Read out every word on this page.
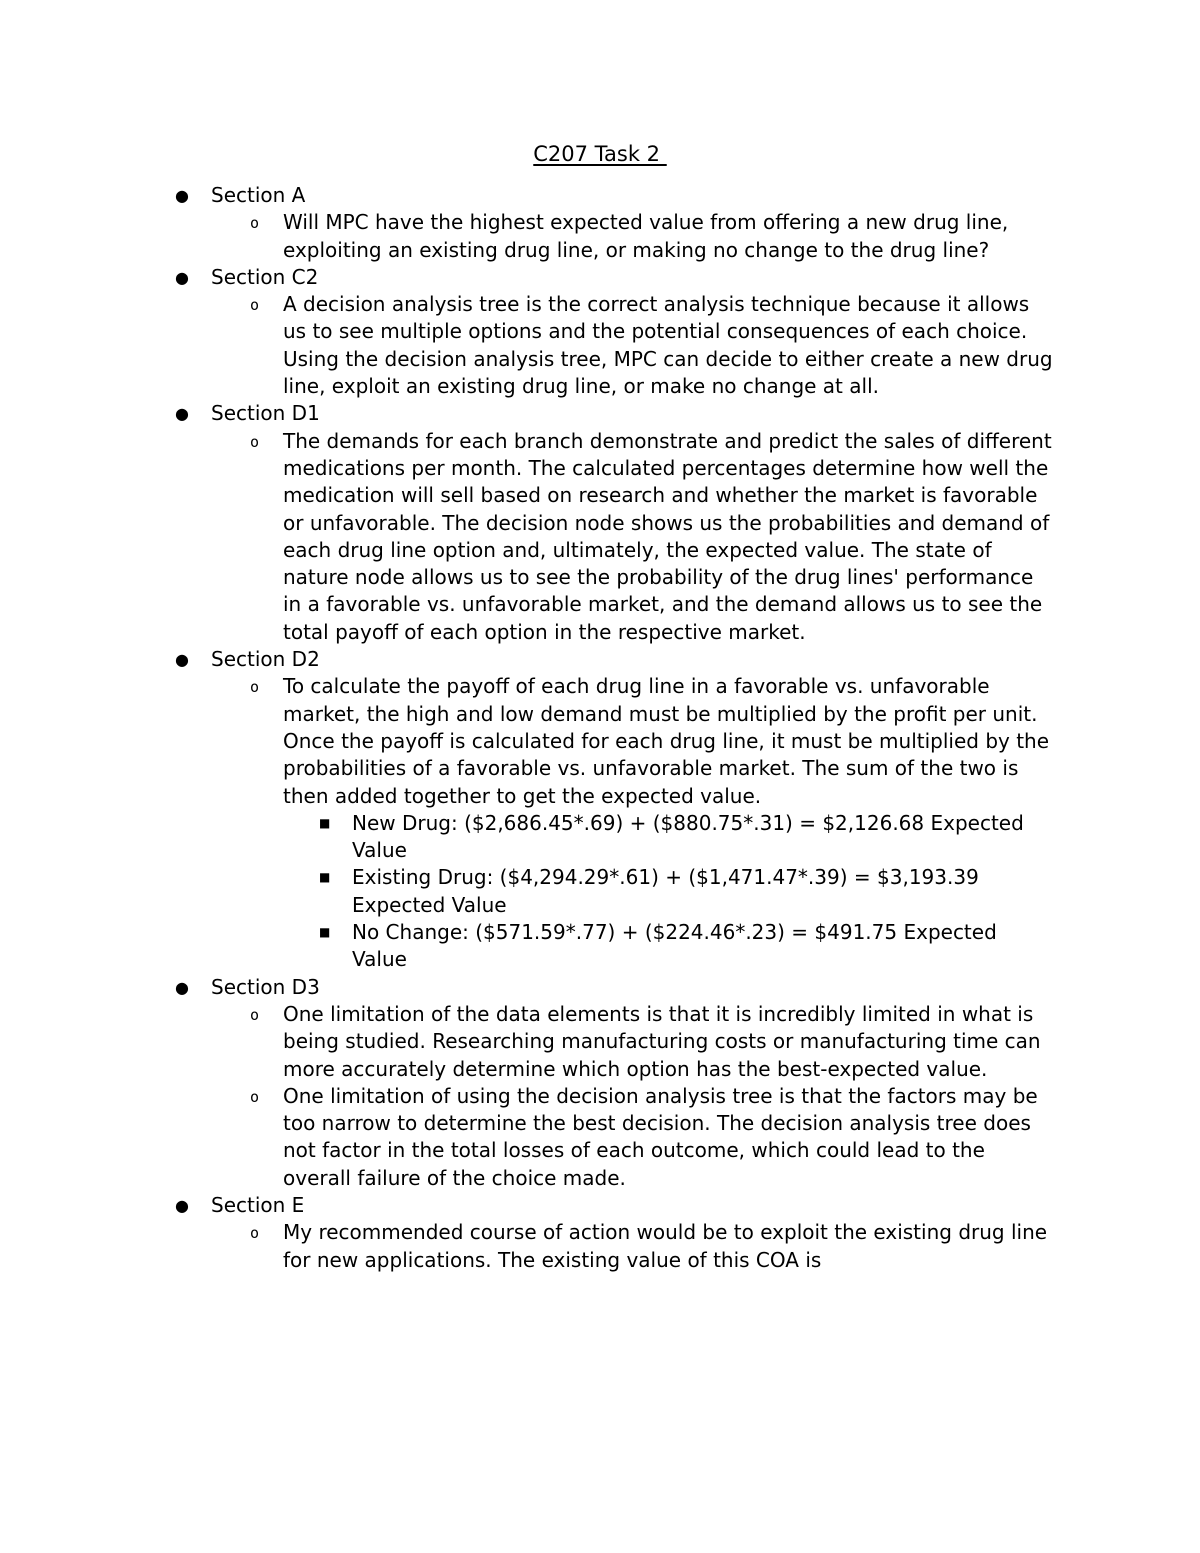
C207 Task 2
● Section A
o Will MPC have the highest expected value from offering a new drug line, exploiting an existing drug line, or making no change to the drug line?
● Section C2
o A decision analysis tree is the correct analysis technique because it allows us to see multiple options and the potential consequences of each choice. Using the decision analysis tree, MPC can decide to either create a new drug line, exploit an existing drug line, or make no change at all.
● Section D1
o The demands for each branch demonstrate and predict the sales of different medications per month. The calculated percentages determine how well the medication will sell based on research and whether the market is favorable or unfavorable. The decision node shows us the probabilities and demand of each drug line option and, ultimately, the expected value. The state of nature node allows us to see the probability of the drug lines' performance in a favorable vs. unfavorable market, and the demand allows us to see the total payoff of each option in the respective market.
● Section D2
o To calculate the payoff of each drug line in a favorable vs. unfavorable market, the high and low demand must be multiplied by the profit per unit. Once the payoff is calculated for each drug line, it must be multiplied by the probabilities of a favorable vs. unfavorable market. The sum of the two is then added together to get the expected value.
■ New Drug: ($2,686.45*.69) + ($880.75*.31) = $2,126.68 Expected Value
■ Existing Drug: ($4,294.29*.61) + ($1,471.47*.39) = $3,193.39 Expected Value
■ No Change: ($571.59*.77) + ($224.46*.23) = $491.75 Expected Value
● Section D3
o One limitation of the data elements is that it is incredibly limited in what is being studied. Researching manufacturing costs or manufacturing time can more accurately determine which option has the best-expected value.
o One limitation of using the decision analysis tree is that the factors may be too narrow to determine the best decision. The decision analysis tree does not factor in the total losses of each outcome, which could lead to the overall failure of the choice made.
● Section E
o My recommended course of action would be to exploit the existing drug line for new applications. The existing value of this COA is
